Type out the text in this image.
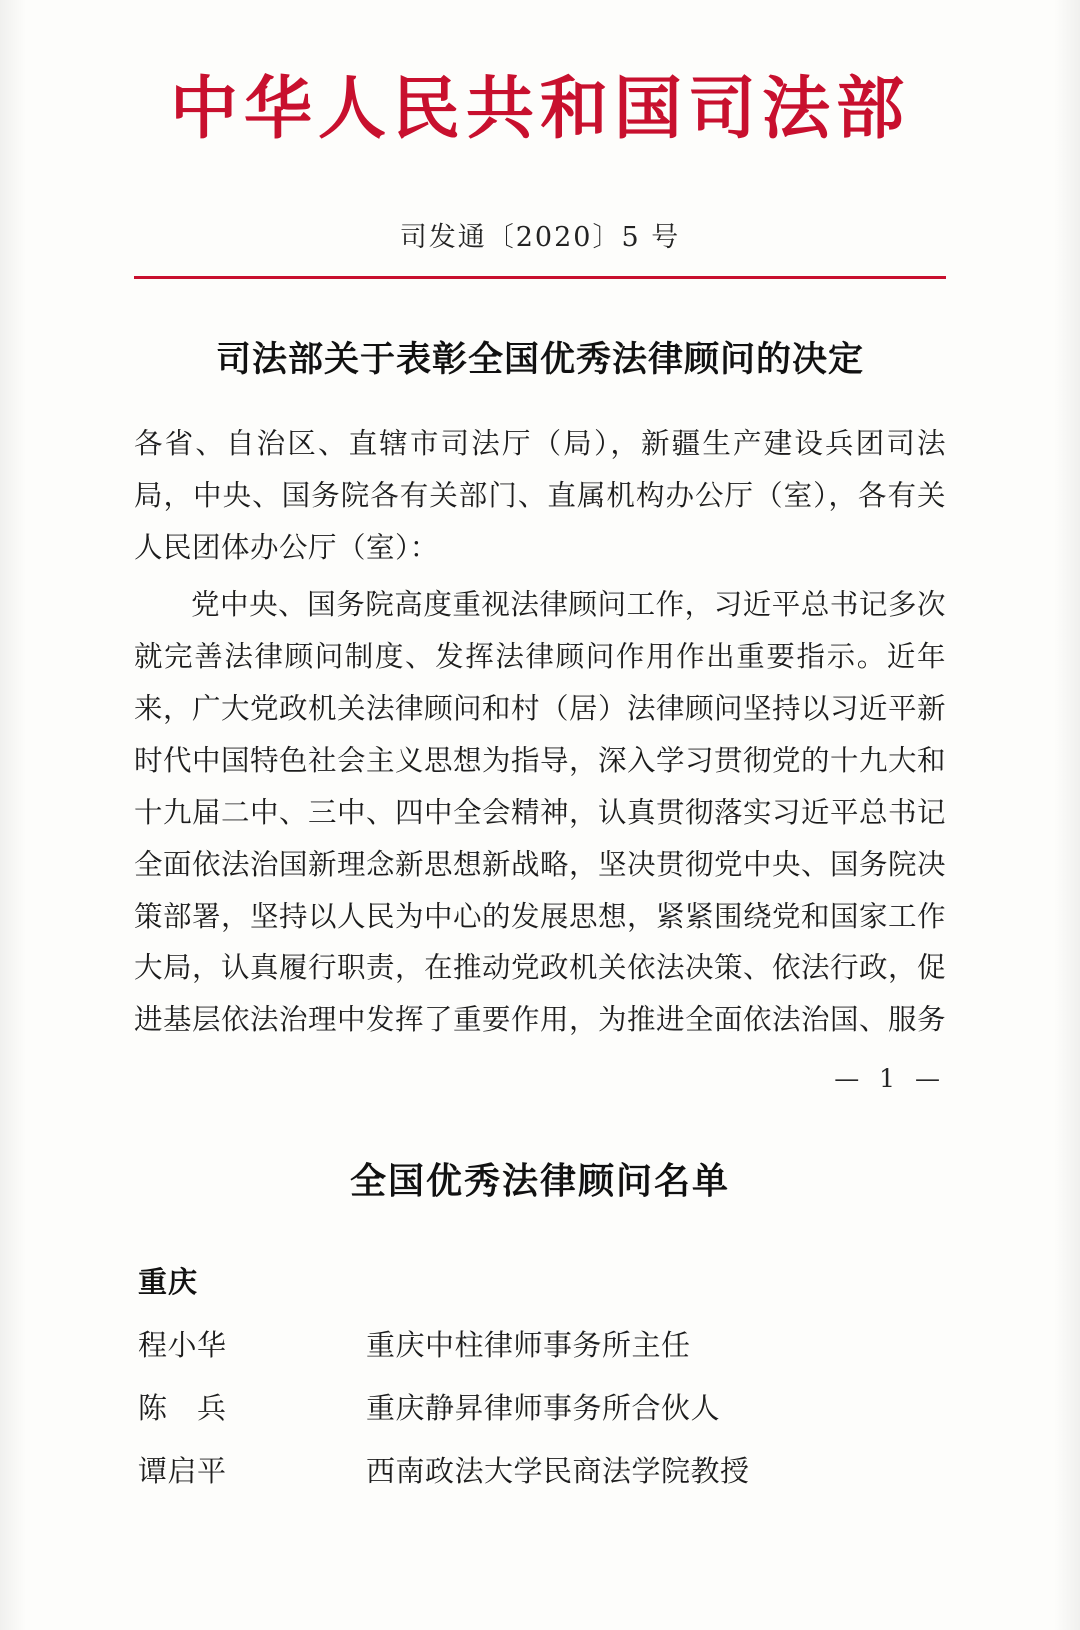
中华人民共和国司法部
司发通〔2020〕5 号
司法部关于表彰全国优秀法律顾问的决定
各省、自治区、直辖市司法厅（局），新疆生产建设兵团司法局，中央、国务院各有关部门、直属机构办公厅（室），各有关人民团体办公厅（室）：
党中央、国务院高度重视法律顾问工作，习近平总书记多次就完善法律顾问制度、发挥法律顾问作用作出重要指示。近年来，广大党政机关法律顾问和村（居）法律顾问坚持以习近平新时代中国特色社会主义思想为指导，深入学习贯彻党的十九大和十九届二中、三中、四中全会精神，认真贯彻落实习近平总书记全面依法治国新理念新思想新战略，坚决贯彻党中央、国务院决策部署，坚持以人民为中心的发展思想，紧紧围绕党和国家工作大局，认真履行职责，在推动党政机关依法决策、依法行政，促进基层依法治理中发挥了重要作用，为推进全面依法治国、服务
— 1 —
全国优秀法律顾问名单
重庆
程小华	重庆中柱律师事务所主任
陈　兵	重庆静昇律师事务所合伙人
谭启平	西南政法大学民商法学院教授
